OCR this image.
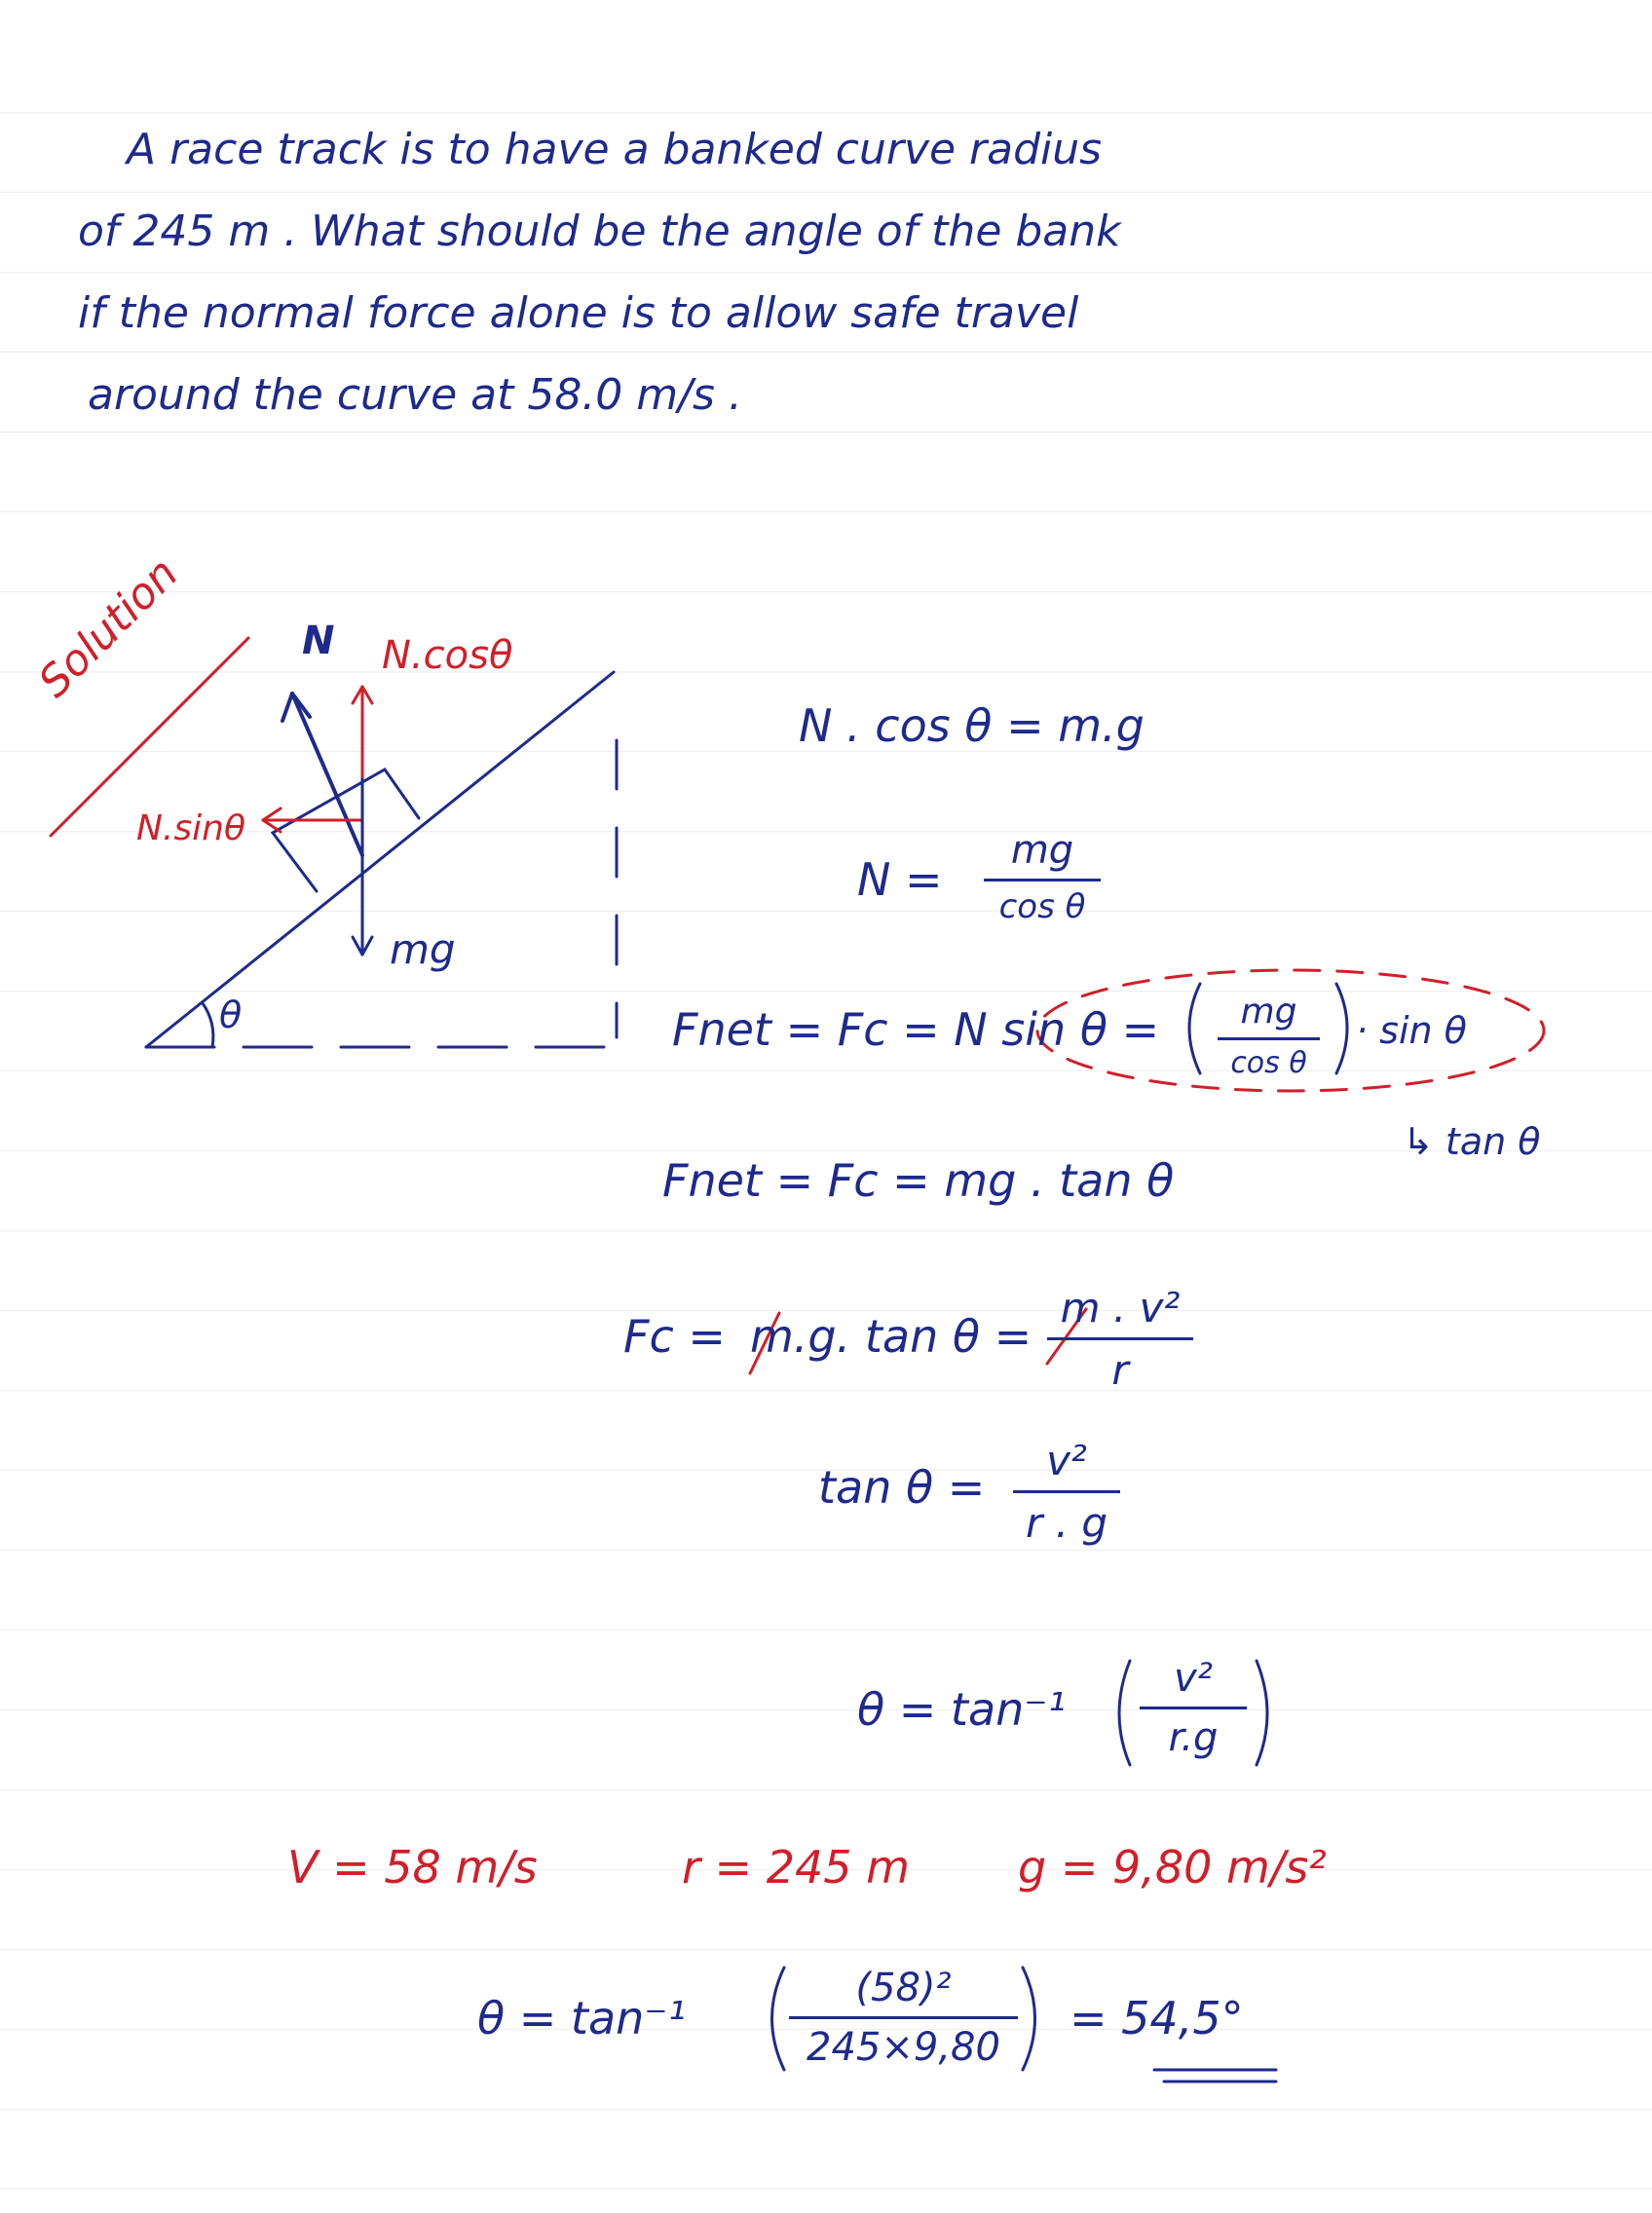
A race track is to have a banked curve radius
of 245 m . What should be the angle of the bank
if the normal force alone is to allow safe travel
around the curve at 58.0 m/s .
Solution	N N.cosθ
N.sinθ
mg
θ
N . cos θ = m.g
N =
mg
cos θ
Fnet = Fc = N sin θ = mg
cos θ
· sin θ
↳ tan θ
Fnet = Fc = mg . tan θ
Fc = m.g. tan θ =
m . v²
r
tan θ =
v²
r . g
θ = tan⁻¹
v²
r.g
V = 58 m/s	r = 245 m g = 9,80 m/s²
θ = tan⁻¹
(58)²
245×9,80
= 54,5°
